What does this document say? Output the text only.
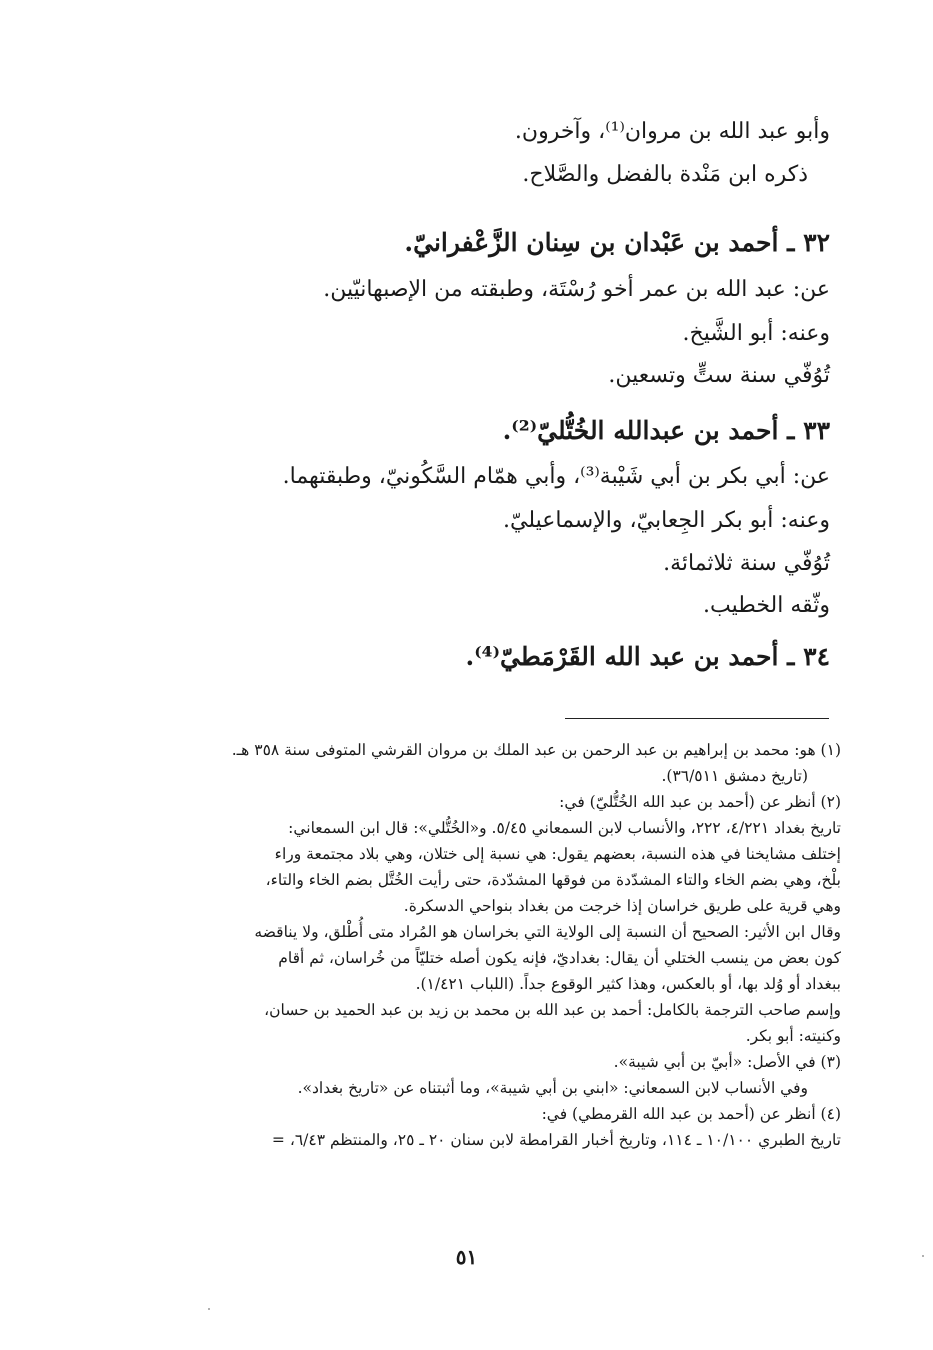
وأبو عبد الله بن مروان⁽¹⁾، وآخرون.
ذكره ابن مَنْدة بالفضل والصَّلاح.
٣٢ ـ أحمد بن عَبْدان بن سِنان الزَّعْفرانيّ.
عن: عبد الله بن عمر أخو رُسْتَة، وطبقته من الإصبهانيّين.
وعنه: أبو الشَّيخ.
تُوُفّي سنة ستٍّ وتسعين.
٣٣ ـ أحمد بن عبدالله الخُتُّليّ⁽²⁾.
عن: أبي بكر بن أبي شَيْبة⁽³⁾، وأبي همّام السَّكُونيّ، وطبقتهما.
وعنه: أبو بكر الجِعابيّ، والإسماعيليّ.
تُوُفّي سنة ثلاثمائة.
وثّقه الخطيب.
٣٤ ـ أحمد بن عبد الله القَرْمَطيّ⁽⁴⁾.
(١) هو: محمد بن إبراهيم بن عبد الرحمن بن عبد الملك بن مروان القرشي المتوفى سنة ٣٥٨ هـ.
(تاريخ دمشق ٣٦/٥١١).
(٢) أنظر عن (أحمد بن عبد الله الخُتُّليّ) في:
تاريخ بغداد ٤/٢٢١، ٢٢٢، والأنساب لابن السمعاني ٥/٤٥. و«الخُتُّلي»: قال ابن السمعاني:
إختلف مشايخنا في هذه النسبة، بعضهم يقول: هي نسبة إلى ختلان، وهي بلاد مجتمعة وراء
بلْخ، وهي بضم الخاء والتاء المشدّدة من فوقها المشدّدة، حتى رأيت الخُتَّل بضم الخاء والتاء،
وهي قرية على طريق خراسان إذا خرجت من بغداد بنواحي الدسكرة.
وقال ابن الأثير: الصحيح أن النسبة إلى الولاية التي بخراسان هو المُراد متى أُطْلق، ولا يناقضه
كون بعض من ينسب الختلي أن يقال: بغداديّ، فإنه يكون أصله ختليّاً من خُراسان، ثم أقام
ببغداد أو وُلد بها، أو بالعكس، وهذا كثير الوقوع جداً. (اللباب ١/٤٢١).
وإسم صاحب الترجمة بالكامل: أحمد بن عبد الله بن محمد بن زيد بن عبد الحميد بن حسان،
وكنيته: أبو بكر.
(٣) في الأصل: «أبيّ بن أبي شيبة».
وفي الأنساب لابن السمعاني: «ابني بن أبي شيبة»، وما أثبتناه عن «تاريخ بغداد».
(٤) أنظر عن (أحمد بن عبد الله القرمطي) في:
تاريخ الطبري ١٠/١٠٠ ـ ١١٤، وتاريخ أخبار القرامطة لابن سنان ٢٠ ـ ٢٥، والمنتظم ٦/٤٣، =
٥١
